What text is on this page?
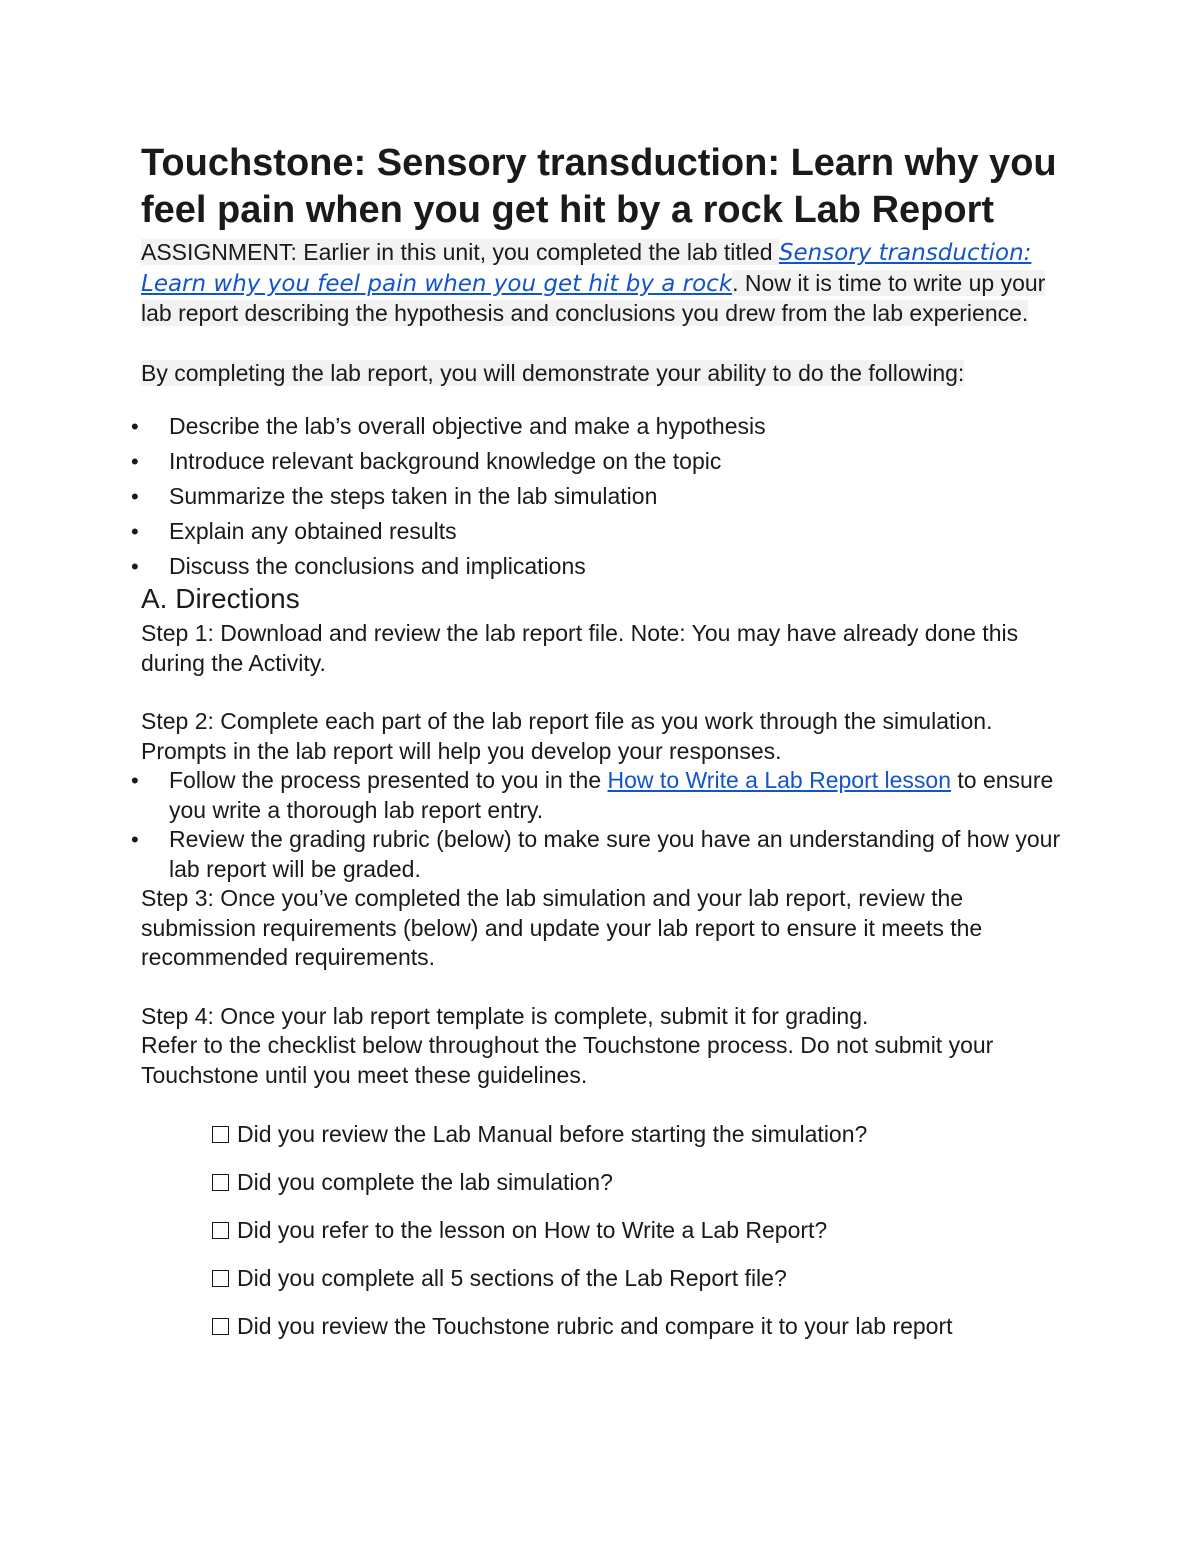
Touchstone: Sensory transduction: Learn why you feel pain when you get hit by a rock Lab Report

ASSIGNMENT: Earlier in this unit, you completed the lab titled Sensory transduction: Learn why you feel pain when you get hit by a rock. Now it is time to write up your lab report describing the hypothesis and conclusions you drew from the lab experience.

By completing the lab report, you will demonstrate your ability to do the following:

• Describe the lab’s overall objective and make a hypothesis
• Introduce relevant background knowledge on the topic
• Summarize the steps taken in the lab simulation
• Explain any obtained results
• Discuss the conclusions and implications
A. Directions

Step 1: Download and review the lab report file. Note: You may have already done this during the Activity.

Step 2: Complete each part of the lab report file as you work through the simulation. Prompts in the lab report will help you develop your responses.

• Follow the process presented to you in the How to Write a Lab Report lesson to ensure you write a thorough lab report entry.
• Review the grading rubric (below) to make sure you have an understanding of how your lab report will be graded.

Step 3: Once you’ve completed the lab simulation and your lab report, review the submission requirements (below) and update your lab report to ensure it meets the recommended requirements.

Step 4: Once your lab report template is complete, submit it for grading.

Refer to the checklist below throughout the Touchstone process. Do not submit your Touchstone until you meet these guidelines.

Did you review the Lab Manual before starting the simulation?
Did you complete the lab simulation?
Did you refer to the lesson on How to Write a Lab Report?
Did you complete all 5 sections of the Lab Report file?
Did you review the Touchstone rubric and compare it to your lab report
